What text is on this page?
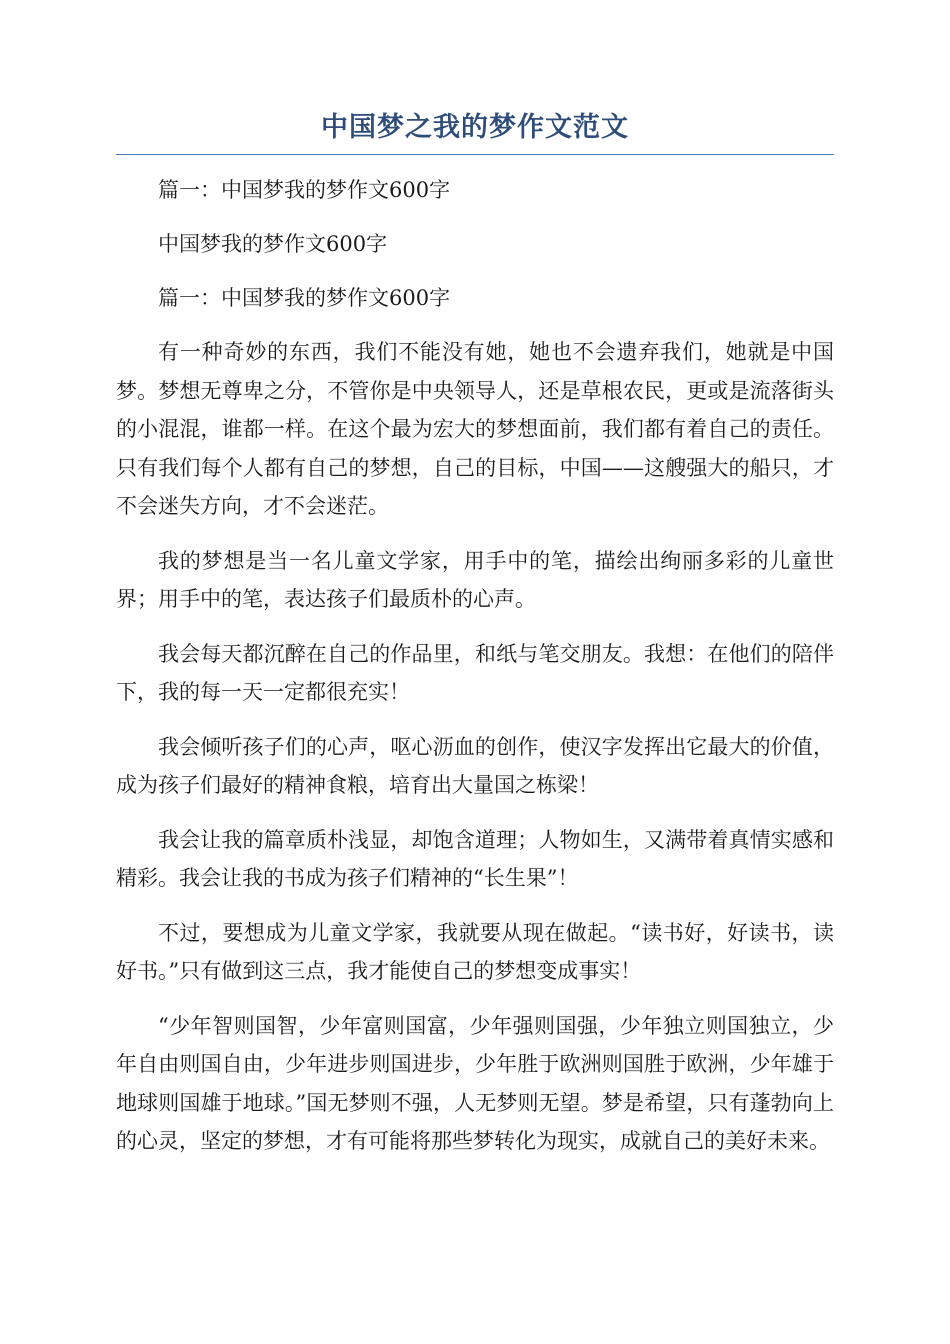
中国梦之我的梦作文范文

篇一：中国梦我的梦作文600字

中国梦我的梦作文600字

篇一：中国梦我的梦作文600字

有一种奇妙的东西，我们不能没有她，她也不会遗弃我们，她就是中国梦。梦想无尊卑之分，不管你是中央领导人，还是草根农民，更或是流落街头的小混混，谁都一样。在这个最为宏大的梦想面前，我们都有着自己的责任。只有我们每个人都有自己的梦想，自己的目标，中国——这艘强大的船只，才不会迷失方向，才不会迷茫。

我的梦想是当一名儿童文学家，用手中的笔，描绘出绚丽多彩的儿童世界；用手中的笔，表达孩子们最质朴的心声。

我会每天都沉醉在自己的作品里，和纸与笔交朋友。我想：在他们的陪伴下，我的每一天一定都很充实！

我会倾听孩子们的心声，呕心沥血的创作，使汉字发挥出它最大的价值，成为孩子们最好的精神食粮，培育出大量国之栋梁！

我会让我的篇章质朴浅显，却饱含道理；人物如生，又满带着真情实感和精彩。我会让我的书成为孩子们精神的“长生果”！

不过，要想成为儿童文学家，我就要从现在做起。“读书好，好读书，读好书。”只有做到这三点，我才能使自己的梦想变成事实！

“少年智则国智，少年富则国富，少年强则国强，少年独立则国独立，少年自由则国自由，少年进步则国进步，少年胜于欧洲则国胜于欧洲，少年雄于地球则国雄于地球。”国无梦则不强，人无梦则无望。梦是希望，只有蓬勃向上的心灵，坚定的梦想，才有可能将那些梦转化为现实，成就自己的美好未来。
